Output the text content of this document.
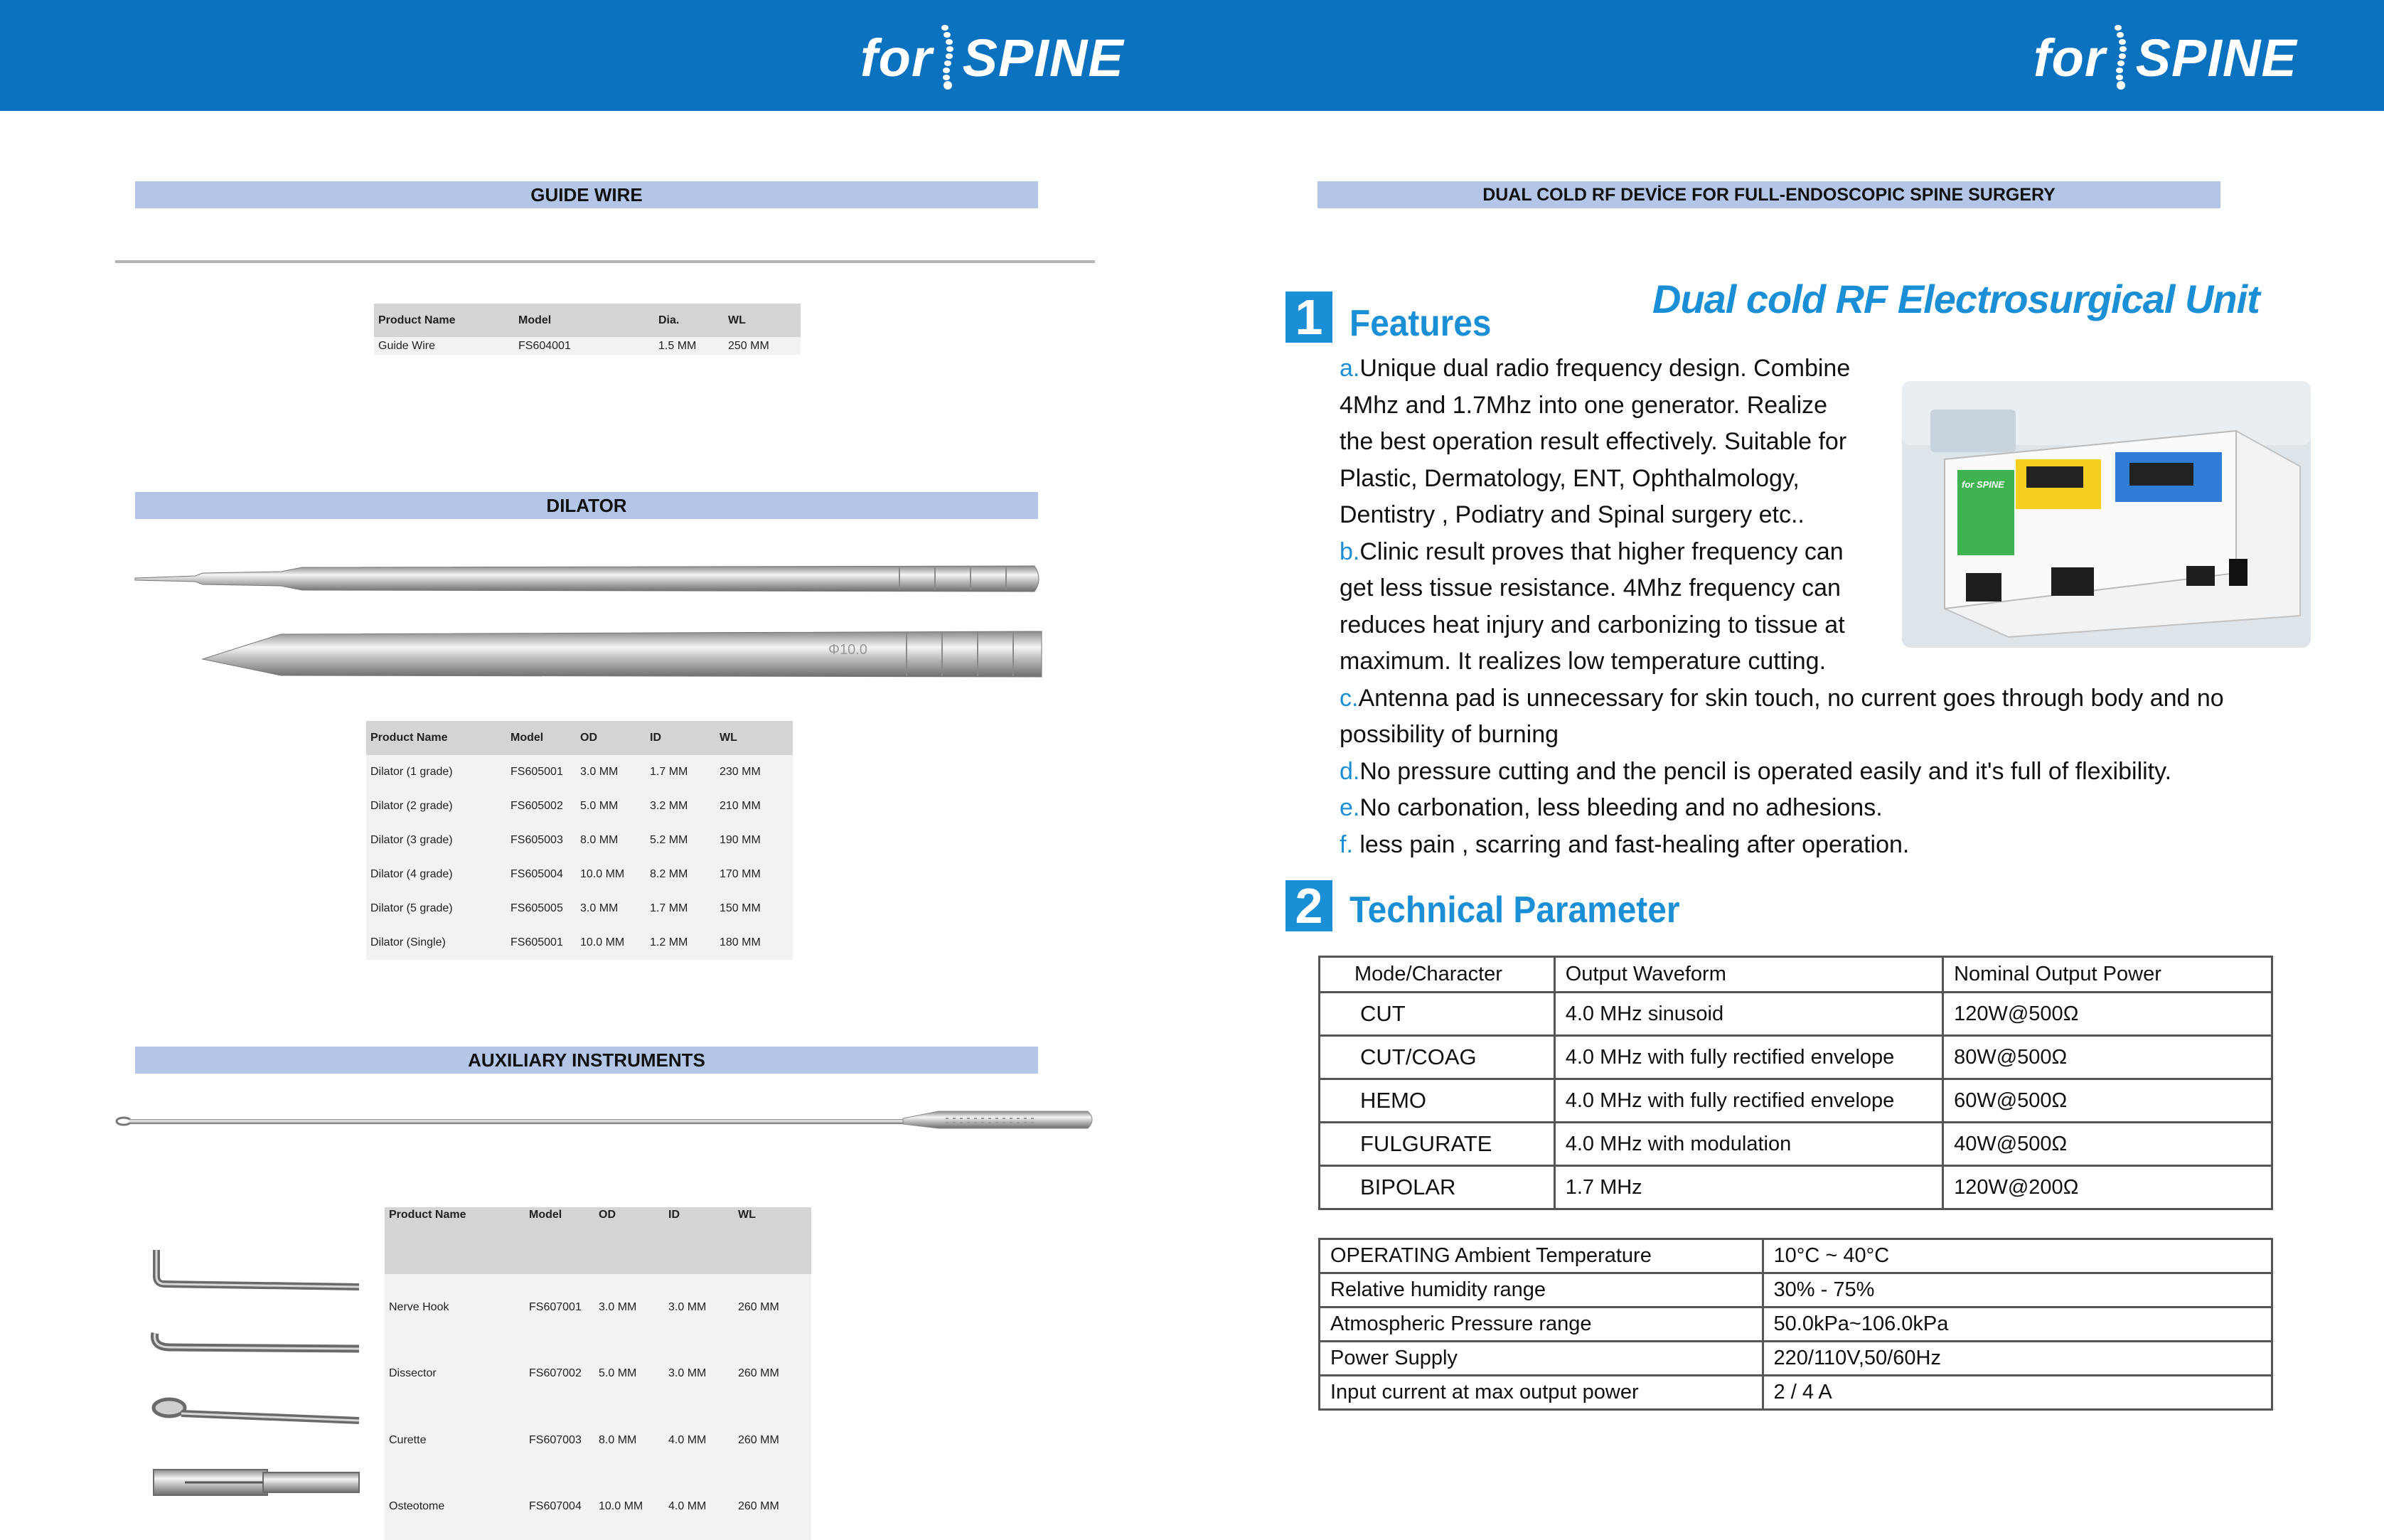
for SPINE	for SPINE
GUIDE WIRE
Product Name	Model	Dia.	WL
Guide Wire	FS604001	1.5 MM	250 MM
DILATOR
Φ10.0
Product Name	Model	OD	ID	WL
Dilator (1 grade)	FS605001	3.0 MM	1.7 MM	230 MM
Dilator (2 grade)	FS605002	5.0 MM	3.2 MM	210 MM
Dilator (3 grade)	FS605003	8.0 MM	5.2 MM	190 MM
Dilator (4 grade)	FS605004	10.0 MM	8.2 MM	170 MM
Dilator (5 grade)	FS605005	3.0 MM	1.7 MM	150 MM
Dilator (Single)	FS605001	10.0 MM	1.2 MM	180 MM
AUXILIARY INSTRUMENTS
Product Name	Model	OD	ID	WL
Nerve Hook	FS607001	3.0 MM	3.0 MM	260 MM
Dissector	FS607002	5.0 MM	3.0 MM	260 MM
Curette	FS607003	8.0 MM	4.0 MM	260 MM
Osteotome	FS607004	10.0 MM	4.0 MM	260 MM
DUAL COLD RF DEVİCE FOR FULL-ENDOSCOPIC SPINE SURGERY
1 Features
Dual cold RF Electrosurgical Unit

a.Unique dual radio frequency design. Combine

4Mhz and 1.7Mhz into one generator. Realize

the best operation result effectively. Suitable for

Plastic, Dermatology, ENT, Ophthalmology,

Dentistry , Podiatry and Spinal surgery etc..

b.Clinic result proves that higher frequency can

get less tissue resistance. 4Mhz frequency can

reduces heat injury and carbonizing to tissue at

maximum. It realizes low temperature cutting.

c.Antenna pad is unnecessary for skin touch, no current goes through body and no

possibility of burning

d.No pressure cutting and the pencil is operated easily and it's full of flexibility.

e.No carbonation, less bleeding and no adhesions.

f. less pain , scarring and fast-healing after operation.

for SPINE
2 Technical Parameter
Mode/Character	Output Waveform	Nominal Output Power
CUT	4.0 MHz sinusoid	120W@500Ω
CUT/COAG	4.0 MHz with fully rectified envelope	80W@500Ω
HEMO	4.0 MHz with fully rectified envelope	60W@500Ω
FULGURATE	4.0 MHz with modulation	40W@500Ω
BIPOLAR	1.7 MHz	120W@200Ω
OPERATING Ambient Temperature	10°C ~ 40°C
Relative humidity range	30% - 75%
Atmospheric Pressure range	50.0kPa~106.0kPa
Power Supply	220/110V,50/60Hz
Input current at max output power	2 / 4 A
